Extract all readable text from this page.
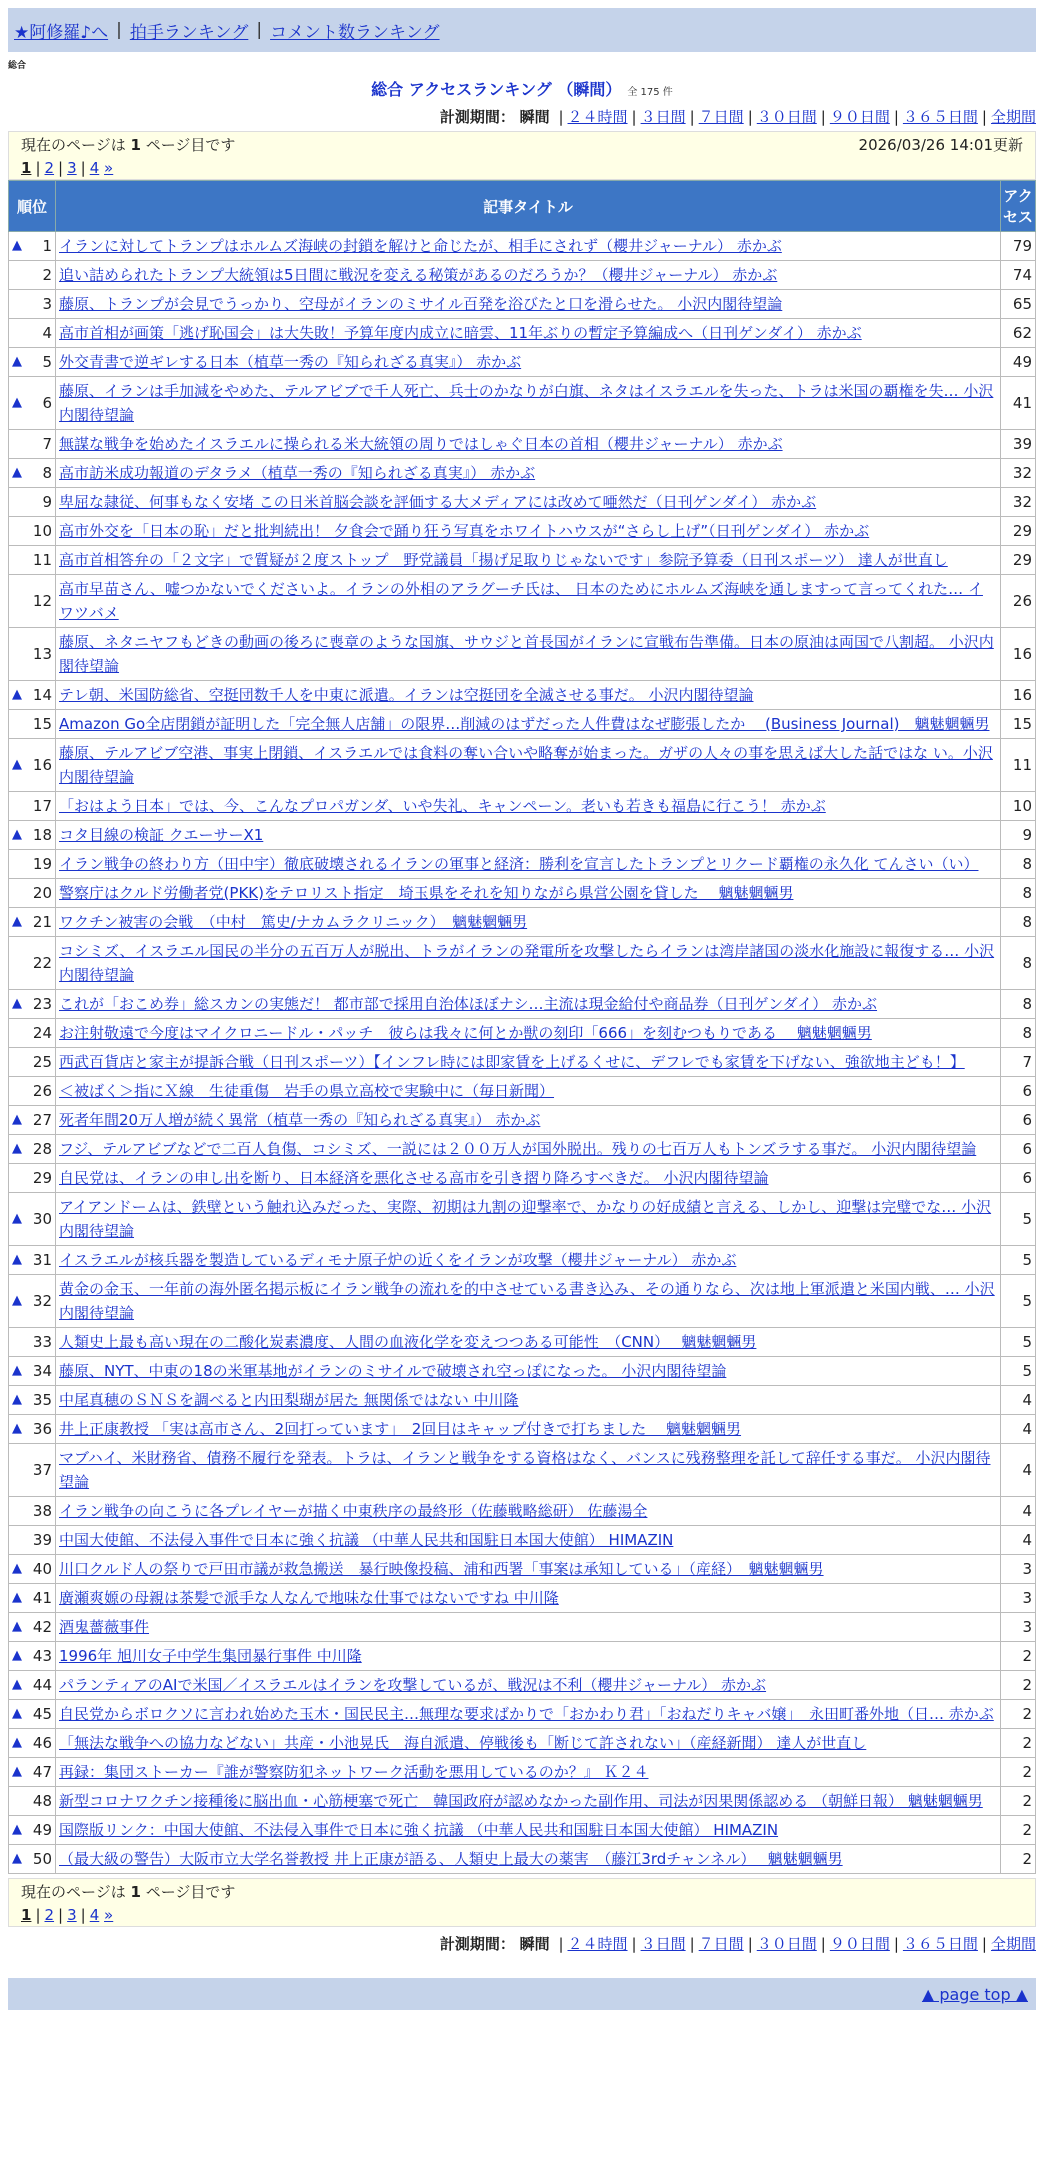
★阿修羅♪へ | 拍手ランキング | コメント数ランキング
総合
総合 アクセスランキング （瞬間） 全 175 件
計測期間： 瞬間 | ２４時間 | ３日間 | ７日間 | ３０日間 | ９０日間 | ３６５日間 | 全期間
現在のページは 1 ページ目です	2026/03/26 14:01更新
1 | 2 | 3 | 4 »
順位	記事タイトル	アクセス

▲ 1	イランに対してトランプはホルムズ海峡の封鎖を解けと命じたが、相手にされず（櫻井ジャーナル） 赤かぶ	79
2	追い詰められたトランプ大統領は5日間に戦況を変える秘策があるのだろうか？（櫻井ジャーナル） 赤かぶ	74
3	藤原、トランプが会見でうっかり、空母がイランのミサイル百発を浴びたと口を滑らせた。 小沢内閣待望論	65
4	高市首相が画策「逃げ恥国会」は大失敗！予算年度内成立に暗雲、11年ぶりの暫定予算編成へ（日刊ゲンダイ） 赤かぶ	62

▲ 5	外交青書で逆ギレする日本（植草一秀の『知られざる真実』） 赤かぶ	49

▲ 6	藤原、イランは手加減をやめた、テルアビブで千人死亡、兵士のかなりが白旗、ネタはイスラエルを失った、トラは米国の覇権を失… 小沢内閣待望論	41
7	無謀な戦争を始めたイスラエルに操られる米大統領の周りではしゃぐ日本の首相（櫻井ジャーナル） 赤かぶ	39

▲ 8	高市訪米成功報道のデタラメ（植草一秀の『知られざる真実』） 赤かぶ	32
9	卑屈な隷従、何事もなく安堵 この日米首脳会談を評価する大メディアには改めて唖然だ（日刊ゲンダイ） 赤かぶ	32
10	高市外交を「日本の恥」だと批判続出！ 夕食会で踊り狂う写真をホワイトハウスが“さらし上げ”（日刊ゲンダイ） 赤かぶ	29
11	高市首相答弁の「２文字」で質疑が２度ストップ　野党議員「揚げ足取りじゃないです」参院予算委（日刊スポーツ） 達人が世直し	29
12	高市早苗さん、嘘つかないでくださいよ。イランの外相のアラグーチ氏は、 日本のためにホルムズ海峡を通しますって言ってくれた… イワツバメ	26
13	藤原、ネタニヤフもどきの動画の後ろに喪章のような国旗、サウジと首長国がイランに宣戦布告準備。日本の原油は両国で八割超。 小沢内閣待望論	16

▲ 14	テレ朝、米国防総省、空挺団数千人を中東に派遣。イランは空挺団を全滅させる事だ。 小沢内閣待望論	16
15	Amazon Go全店閉鎖が証明した「完全無人店舗」の限界…削減のはずだった人件費はなぜ膨張したか　 (Business Journal)　魑魅魍魎男	15

▲ 16	藤原、テルアビブ空港、事実上閉鎖、イスラエルでは食料の奪い合いや略奪が始まった。ガザの人々の事を思えば大した話ではな い。小沢内閣待望論	11
17	「おはよう日本」では、今、こんなプロパガンダ、いや失礼、キャンペーン。老いも若きも福島に行こう！ 赤かぶ	10

▲ 18	コタ目線の検証 クエーサーX1	9
19	イラン戦争の終わり方（田中宇）徹底破壊されるイランの軍事と経済：勝利を宣言したトランプとリクード覇権の永久化 てんさい（い）	8
20	警察庁はクルド労働者党(PKK)をテロリスト指定　埼玉県をそれを知りながら県営公園を貸した　 魑魅魍魎男	8

▲ 21	ワクチン被害の会戦　（中村　篤史/ナカムラクリニック）　魑魅魍魎男	8
22	コシミズ、イスラエル国民の半分の五百万人が脱出、トラがイランの発電所を攻撃したらイランは湾岸諸国の淡水化施設に報復する… 小沢内閣待望論	8

▲ 23	これが「おこめ券」総スカンの実態だ！ 都市部で採用自治体ほぼナシ…主流は現金給付や商品券（日刊ゲンダイ） 赤かぶ	8
24	お注射敬遠で今度はマイクロニードル・パッチ　彼らは我々に何とか獣の刻印「666」を刻むつもりである　 魑魅魍魎男	8
25	西武百貨店と家主が提訴合戦（日刊スポーツ）【インフレ時には即家賃を上げるくせに、デフレでも家賃を下げない、強欲地主ども！】	7
26	＜被ばく＞指にＸ線　生徒重傷　岩手の県立高校で実験中に（毎日新聞）	6

▲ 27	死者年間20万人増が続く異常（植草一秀の『知られざる真実』） 赤かぶ	6

▲ 28	フジ、テルアビブなどで二百人負傷、コシミズ、一説には２００万人が国外脱出。残りの七百万人もトンズラする事だ。 小沢内閣待望論	6
29	自民党は、イランの申し出を断り、日本経済を悪化させる高市を引き摺り降ろすべきだ。 小沢内閣待望論	6

▲ 30	アイアンドームは、鉄壁という触れ込みだった、実際、初期は九割の迎撃率で、かなりの好成績と言える、しかし、迎撃は完璧でな… 小沢内閣待望論	5

▲ 31	イスラエルが核兵器を製造しているディモナ原子炉の近くをイランが攻撃（櫻井ジャーナル） 赤かぶ	5

▲ 32	黄金の金玉、一年前の海外匿名掲示板にイラン戦争の流れを的中させている書き込み、その通りなら、次は地上軍派遣と米国内戦、… 小沢内閣待望論	5
33	人類史上最も高い現在の二酸化炭素濃度、人間の血液化学を変えつつある可能性　（CNN）　 魑魅魍魎男	5

▲ 34	藤原、NYT、中東の18の米軍基地がイランのミサイルで破壊され空っぽになった。 小沢内閣待望論	5

▲ 35	中尾真穂のＳＮＳを調べると内田梨瑚が居た 無関係ではない 中川隆	4

▲ 36	井上正康教授 「実は高市さん、2回打っています」　2回目はキャップ付きで打ちました　 魑魅魍魎男	4
37	マブハイ、米財務省、債務不履行を発表。トラは、イランと戦争をする資格はなく、バンスに残務整理を託して辞任する事だ。 小沢内閣待望論	4
38	イラン戦争の向こうに各プレイヤーが描く中東秩序の最終形（佐藤戦略総研） 佐藤湯全	4
39	中国大使館、不法侵入事件で日本に強く抗議 （中華人民共和国駐日本国大使館） HIMAZIN	4

▲ 40	川口クルド人の祭りで戸田市議が救急搬送　暴行映像投稿、浦和西署「事案は承知している」（産経）　魑魅魍魎男	3

▲ 41	廣瀬爽嫄の母親は茶髪で派手な人なんで地味な仕事ではないですね 中川隆	3

▲ 42	酒鬼薔薇事件	3

▲ 43	1996年 旭川女子中学生集団暴行事件 中川隆	2

▲ 44	パランティアのAIで米国／イスラエルはイランを攻撃しているが、戦況は不利（櫻井ジャーナル） 赤かぶ	2

▲ 45	自民党からボロクソに言われ始めた玉木・国民民主…無理な要求ばかりで「おかわり君」「おねだりキャバ嬢」　永田町番外地（日… 赤かぶ	2

▲ 46	「無法な戦争への協力などない」共産・小池晃氏　海自派遣、停戦後も「断じて許されない」（産経新聞） 達人が世直し	2

▲ 47	再録：集団ストーカー『誰が警察防犯ネットワーク活動を悪用しているのか？』 Ｋ２４	2
48	新型コロナワクチン接種後に脳出血・心筋梗塞で死亡　韓国政府が認めなかった副作用、司法が因果関係認める （朝鮮日報） 魑魅魍魎男	2

▲ 49	国際版リンク：中国大使館、不法侵入事件で日本に強く抗議 （中華人民共和国駐日本国大使館） HIMAZIN	2

▲ 50	（最大級の警告）大阪市立大学名誉教授 井上正康が語る、人類史上最大の薬害　（藤江3rdチャンネル）　 魑魅魍魎男	2
現在のページは 1 ページ目です
1 | 2 | 3 | 4 »
計測期間： 瞬間 | ２４時間 | ３日間 | ７日間 | ３０日間 | ９０日間 | ３６５日間 | 全期間
▲ page top ▲
